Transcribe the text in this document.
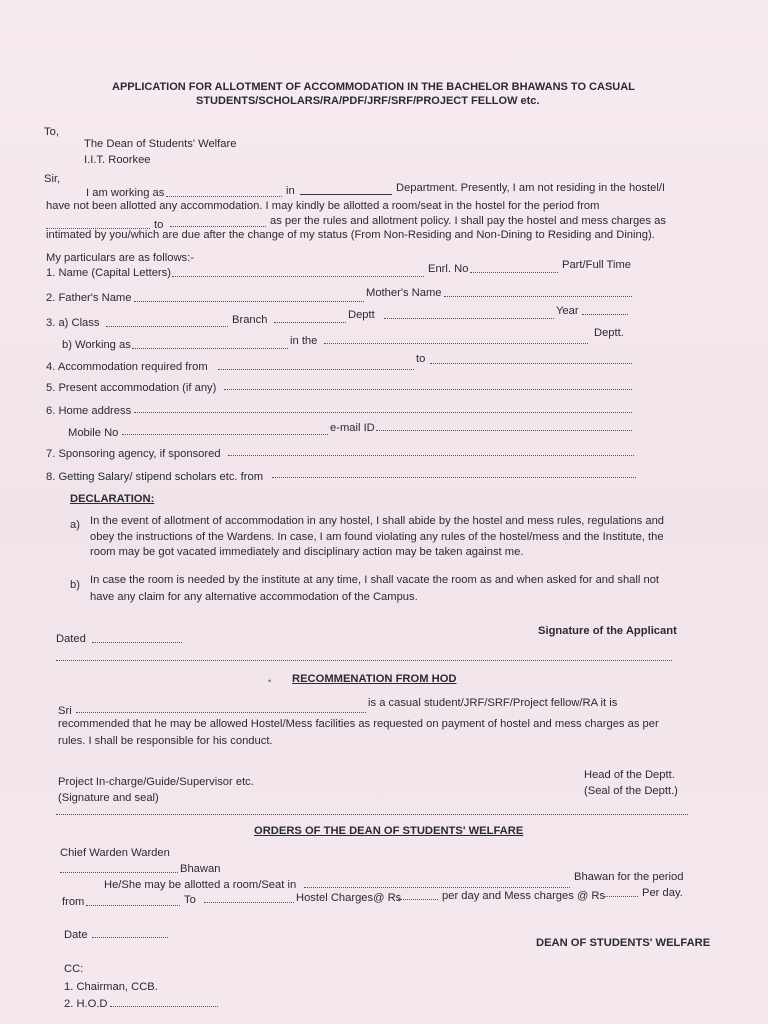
APPLICATION FOR ALLOTMENT OF ACCOMMODATION IN THE BACHELOR BHAWANS TO CASUAL
STUDENTS/SCHOLARS/RA/PDF/JRF/SRF/PROJECT FELLOW etc.
To,
The Dean of Students' Welfare
I.I.T. Roorkee
Sir,
I am working as	in	Department. Presently, I am not residing in the hostel/I
have not been allotted any accommodation. I may kindly be allotted a room/seat in the hostel for the period from
to	as per the rules and allotment policy. I shall pay the hostel and mess charges as
intimated by you/which are due after the change of my status (From Non-Residing and Non-Dining to Residing and Dining).
My particulars are as follows:-
1. Name (Capital Letters)	Enrl. No	Part/Full Time
2. Father's Name	Mother's Name
3. a) Class	Branch	Deptt	Year
b) Working as	in the
Deptt.
4. Accommodation required from
to
5. Present accommodation (if any)
6. Home address
Mobile No	e-mail ID
7. Sponsoring agency, if sponsored
8. Getting Salary/ stipend scholars etc. from
DECLARATION:
a) In the event of allotment of accommodation in any hostel, I shall abide by the hostel and mess rules, regulations and
obey the instructions of the Wardens. In case, I am found violating any rules of the hostel/mess and the Institute, the
room may be got vacated immediately and disciplinary action may be taken against me.
b) In case the room is needed by the institute at any time, I shall vacate the room as and when asked for and shall not
have any claim for any alternative accommodation of the Campus.
Dated
Signature of the Applicant
• RECOMMENATION FROM HOD
Sri
is a casual student/JRF/SRF/Project fellow/RA it is
recommended that he may be allowed Hostel/Mess facilities as requested on payment of hostel and mess charges as per
rules. I shall be responsible for his conduct.
Project In-charge/Guide/Supervisor etc.
(Signature and seal)
Head of the Deptt.
(Seal of the Deptt.)
ORDERS OF THE DEAN OF STUDENTS' WELFARE
Chief Warden Warden
Bhawan
He/She may be allotted a room/Seat in
Bhawan for the period
from	To	Hostel Charges@ Rs	per day and Mess charges @ Rs	Per day.
Date
DEAN OF STUDENTS' WELFARE
CC:
1. Chairman, CCB.
2. H.O.D
